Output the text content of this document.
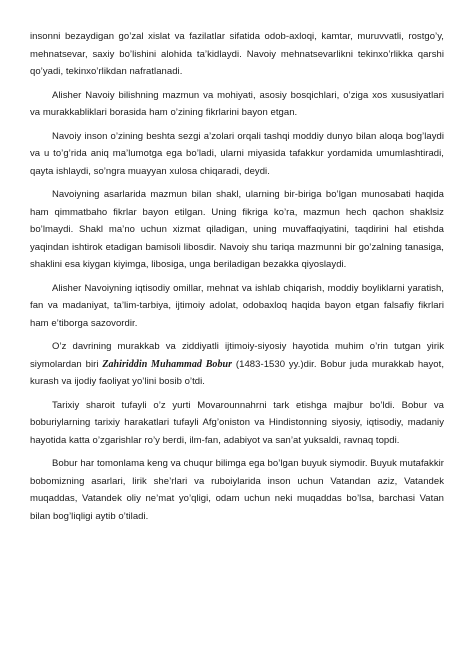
insonni bezaydigan go’zal xislat va fazilatlar sifatida odob-axloqi, kamtar, muruvvatli, rostgo’y, mehnatsevar, saxiy bo’lishini alohida ta’kidlaydi. Navoiy mehnatsevarlikni tekinxo’rlikka qarshi qo’yadi, tekinxo’rlikdan nafratlanadi.

Alisher Navoiy bilishning mazmun va mohiyati, asosiy bosqichlari, o’ziga xos xususiyatlari va murakkabliklari borasida ham o’zining fikrlarini bayon etgan.

Navoiy inson o’zining beshta sezgi a’zolari orqali tashqi moddiy dunyo bilan aloqa bog’laydi va u to’g’rida aniq ma’lumotga ega bo’ladi, ularni miyasida tafakkur yordamida umumlashtiradi, qayta ishlaydi, so’ngra muayyan xulosa chiqaradi, deydi.

Navoiyning asarlarida mazmun bilan shakl, ularning bir-biriga bo’lgan munosabati haqida ham qimmatbaho fikrlar bayon etilgan. Uning fikriga ko’ra, mazmun hech qachon shaklsiz bo’lmaydi. Shakl ma’no uchun xizmat qiladigan, uning muvaffaqiyatini, taqdirini hal etishda yaqindan ishtirok etadigan bamisoli libosdir. Navoiy shu tariqa mazmunni bir go’zalning tanasiga, shaklini esa kiygan kiyimga, libosiga, unga beriladigan bezakka qiyoslaydi.

Alisher Navoiyning iqtisodiy omillar, mehnat va ishlab chiqarish, moddiy boyliklarni yaratish, fan va madaniyat, ta’lim-tarbiya, ijtimoiy adolat, odobaxloq haqida bayon etgan falsafiy fikrlari ham e’tiborga sazovordir.

O’z davrining murakkab va ziddiyatli ijtimoiy-siyosiy hayotida muhim o’rin tutgan yirik siymolardan biri Zahiriddin Muhammad Bobur (1483-1530 yy.)dir. Bobur juda murakkab hayot, kurash va ijodiy faoliyat yo’lini bosib o’tdi.

Tarixiy sharoit tufayli o’z yurti Movarounnahrni tark etishga majbur bo’ldi. Bobur va boburiylarning tarixiy harakatlari tufayli Afg’oniston va Hindistonning siyosiy, iqtisodiy, madaniy hayotida katta o’zgarishlar ro’y berdi, ilm-fan, adabiyot va san’at yuksaldi, ravnaq topdi.

Bobur har tomonlama keng va chuqur bilimga ega bo’lgan buyuk siymodir. Buyuk mutafakkir bobomizning asarlari, lirik she’rlari va ruboiylarida inson uchun Vatandan aziz, Vatandek muqaddas, Vatandek oliy ne’mat yo’qligi, odam uchun neki muqaddas bo’lsa, barchasi Vatan bilan bog’liqligi aytib o’tiladi.
